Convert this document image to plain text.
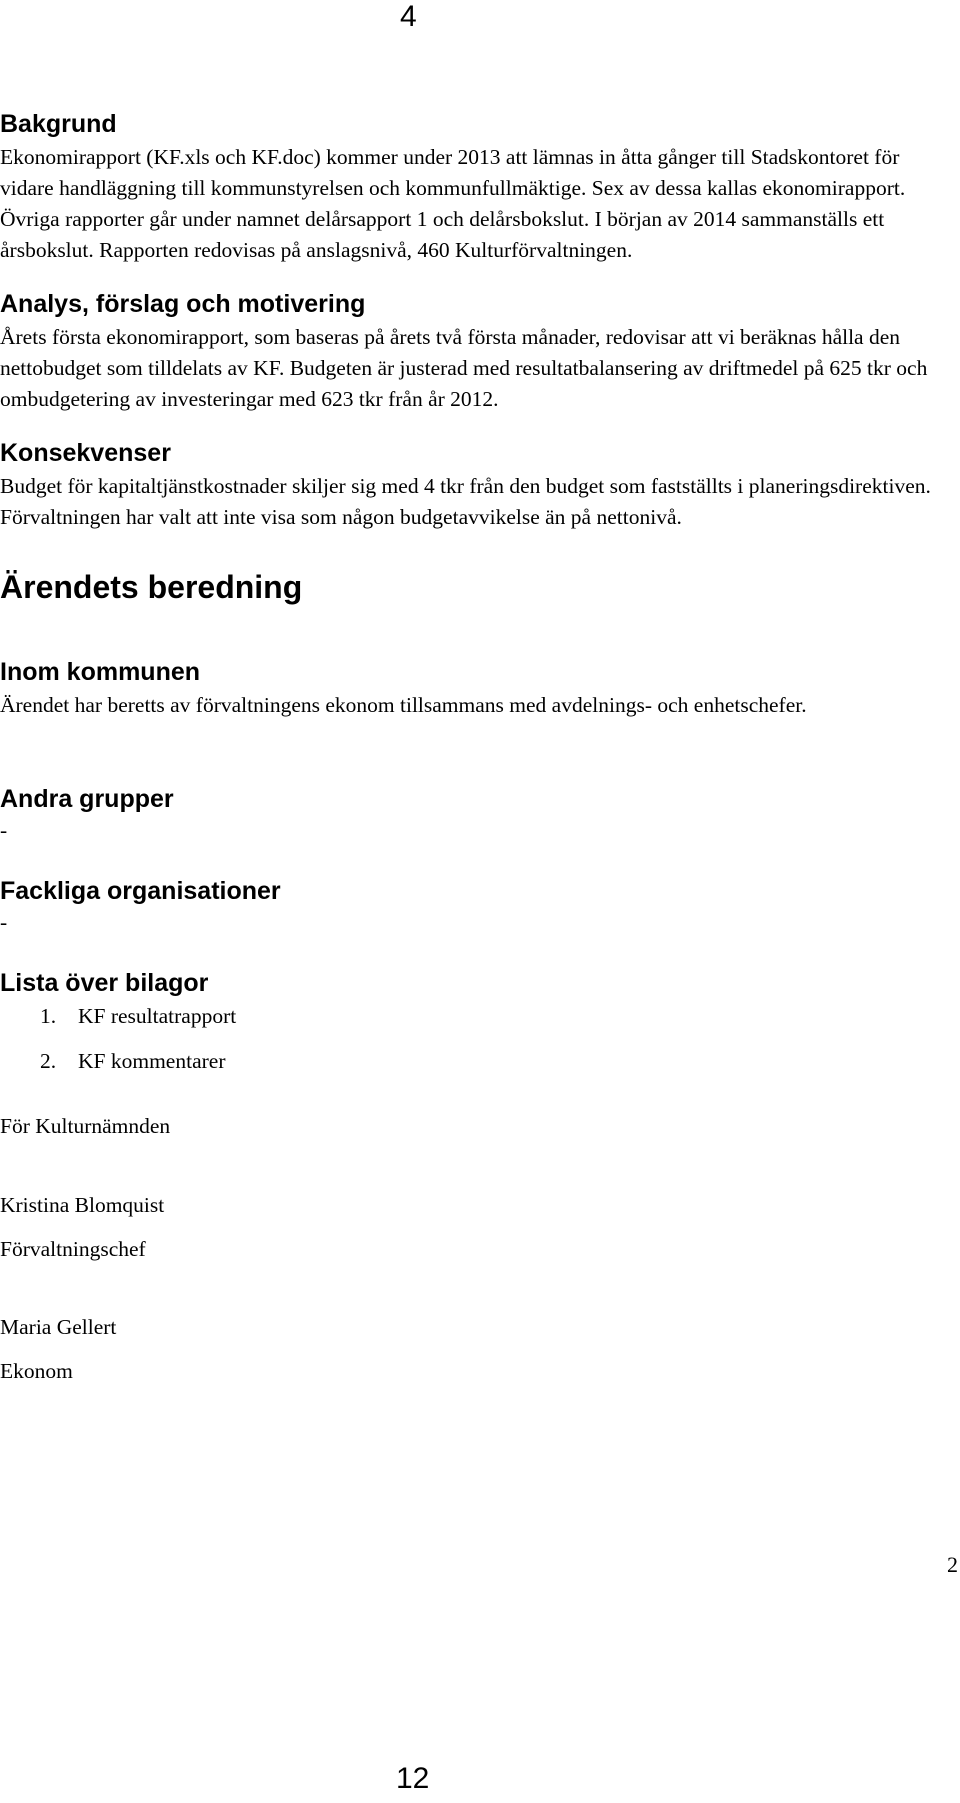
4
Bakgrund

Ekonomirapport (KF.xls och KF.doc) kommer under 2013 att lämnas in åtta gånger till Stadskontoret för vidare handläggning till kommunstyrelsen och kommunfullmäktige. Sex av dessa kallas ekonomirapport. Övriga rapporter går under namnet delårsapport 1 och delårsbokslut. I början av 2014 sammanställs ett årsbokslut. Rapporten redovisas på anslagsnivå, 460 Kulturförvaltningen.

Analys, förslag och motivering

Årets första ekonomirapport, som baseras på årets två första månader, redovisar att vi beräknas hålla den nettobudget som tilldelats av KF. Budgeten är justerad med resultatbalansering av driftmedel på 625 tkr och ombudgetering av investeringar med 623 tkr från år 2012.

Konsekvenser

Budget för kapitaltjänstkostnader skiljer sig med 4 tkr från den budget som fastställts i planeringsdirektiven. Förvaltningen har valt att inte visa som någon budgetavvikelse än på nettonivå.

Ärendets beredning
Inom kommunen

Ärendet har beretts av förvaltningens ekonom tillsammans med avdelnings- och enhetschefer.

Andra grupper

-

Fackliga organisationer

-

Lista över bilagor
1.	KF resultatrapport
2.	KF kommentarer

För Kulturnämnden

Kristina Blomquist

Förvaltningschef

Maria Gellert

Ekonom

2
12
